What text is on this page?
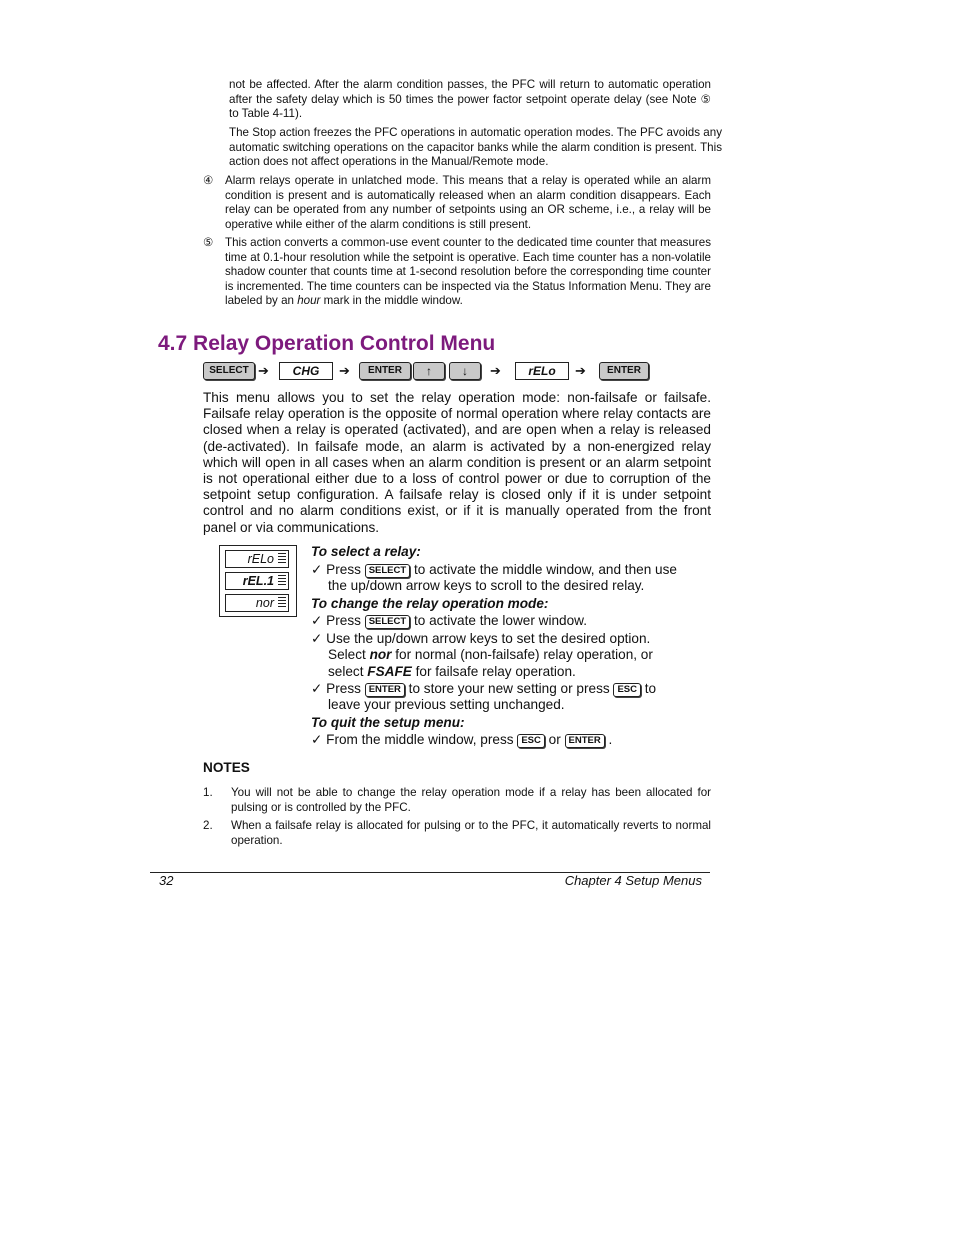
not be affected. After the alarm condition passes, the PFC will return to automatic operation after the safety delay which is 50 times the power factor setpoint operate delay (see Note ⑤ to Table 4-11).
The Stop action freezes the PFC operations in automatic operation modes. The PFC avoids any automatic switching operations on the capacitor banks while the alarm condition is present. This action does not affect operations in the Manual/Remote mode.
④ Alarm relays operate in unlatched mode. This means that a relay is operated while an alarm condition is present and is automatically released when an alarm condition disappears. Each relay can be operated from any number of setpoints using an OR scheme, i.e., a relay will be operative while either of the alarm conditions is still present.
⑤ This action converts a common-use event counter to the dedicated time counter that measures time at 0.1-hour resolution while the setpoint is operative. Each time counter has a non-volatile shadow counter that counts time at 1-second resolution before the corresponding time counter is incremented. The time counters can be inspected via the Status Information Menu. They are labeled by an hour mark in the middle window.
4.7 Relay Operation Control Menu
SELECT ➔	CHG	➔	ENTER	↑	↓	➔	rELo	➔	ENTER
This menu allows you to set the relay operation mode: non-failsafe or failsafe. Failsafe relay operation is the opposite of normal operation where relay contacts are closed when a relay is operated (activated), and are open when a relay is released (de-activated). In failsafe mode, an alarm is activated by a non-energized relay which will open in all cases when an alarm condition is present or an alarm setpoint is not operational either due to a loss of control power or due to corruption of the setpoint setup configuration. A failsafe relay is closed only if it is under setpoint control and no alarm conditions exist, or if it is manually operated from the front panel or via communications.
rELo
rEL.1
nor
To select a relay:
✓ Press SELECT to activate the middle window, and then use
the up/down arrow keys to scroll to the desired relay.
To change the relay operation mode:
✓ Press SELECT to activate the lower window.
✓ Use the up/down arrow keys to set the desired option.
Select nor for normal (non-failsafe) relay operation, or
select FSAFE for failsafe relay operation.
✓ Press ENTER to store your new setting or press ESC to
leave your previous setting unchanged.
To quit the setup menu:
✓ From the middle window, press ESC or ENTER .
NOTES
1.	You will not be able to change the relay operation mode if a relay has been allocated for pulsing or is controlled by the PFC.
2.	When a failsafe relay is allocated for pulsing or to the PFC, it automatically reverts to normal operation.
32	Chapter 4 Setup Menus
